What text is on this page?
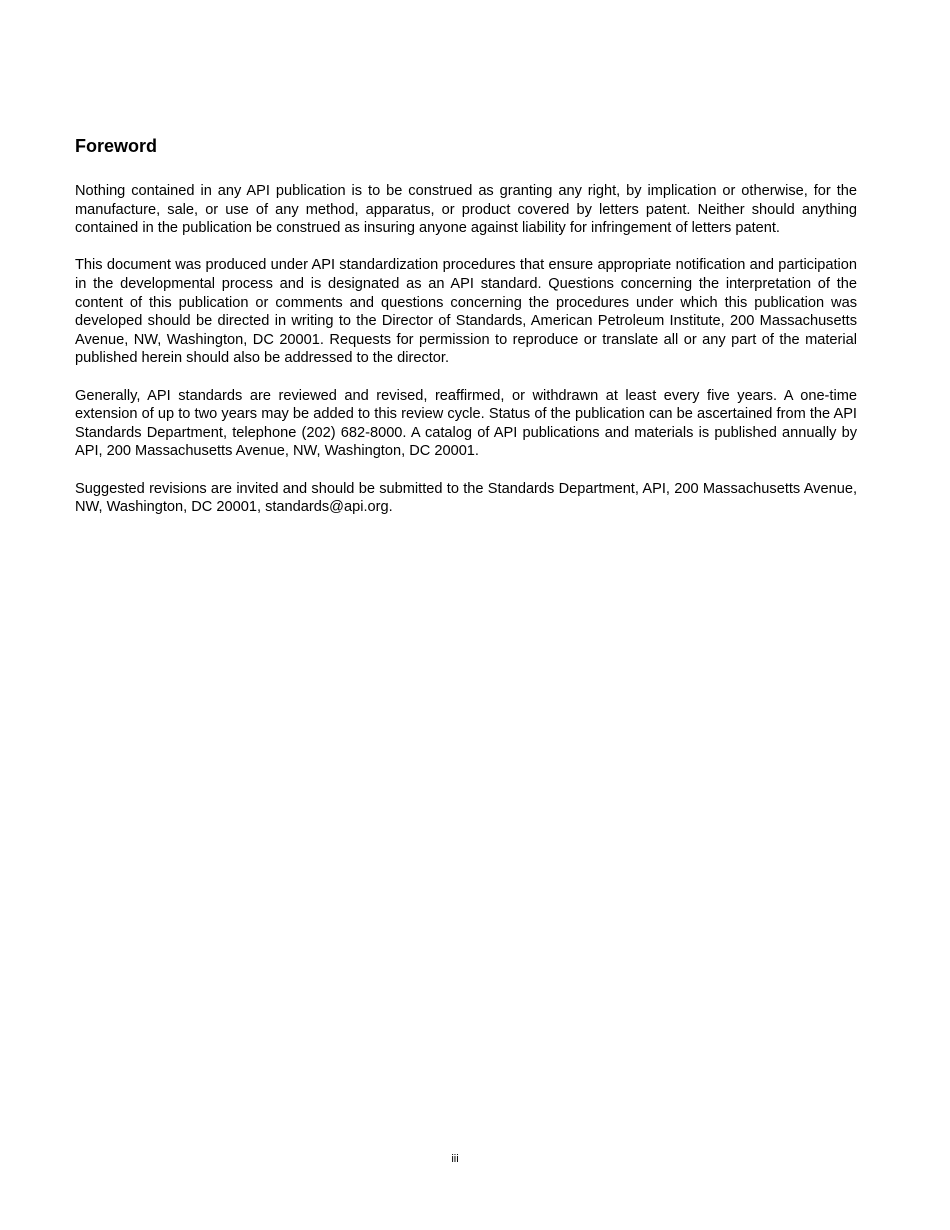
Foreword

Nothing contained in any API publication is to be construed as granting any right, by implication or otherwise, for the manufacture, sale, or use of any method, apparatus, or product covered by letters patent. Neither should anything contained in the publication be construed as insuring anyone against liability for infringement of letters patent.

This document was produced under API standardization procedures that ensure appropriate notification and participation in the developmental process and is designated as an API standard. Questions concerning the interpretation of the content of this publication or comments and questions concerning the procedures under which this publication was developed should be directed in writing to the Director of Standards, American Petroleum Institute, 200 Massachusetts Avenue, NW, Washington, DC 20001. Requests for permission to reproduce or translate all or any part of the material published herein should also be addressed to the director.

Generally, API standards are reviewed and revised, reaffirmed, or withdrawn at least every five years. A one-time extension of up to two years may be added to this review cycle. Status of the publication can be ascertained from the API Standards Department, telephone (202) 682-8000. A catalog of API publications and materials is published annually by API, 200 Massachusetts Avenue, NW, Washington, DC 20001.

Suggested revisions are invited and should be submitted to the Standards Department, API, 200 Massachusetts Avenue, NW, Washington, DC 20001, standards@api.org.

iii
